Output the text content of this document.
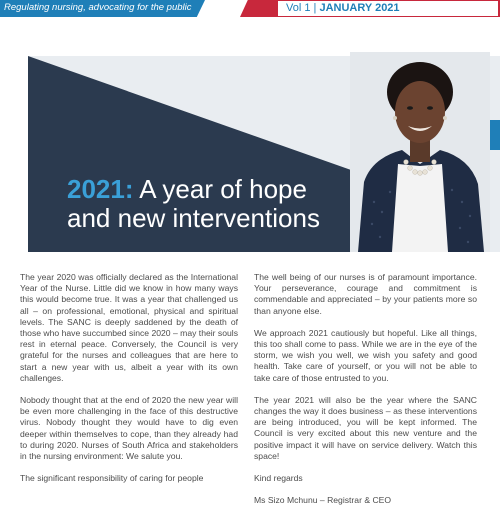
Regulating nursing, advocating for the public	Vol 1 | JANUARY 2021
2021: A year of hope
and new interventions

The year 2020 was officially declared as the International Year of the Nurse. Little did we know in how many ways this would become true. It was a year that challenged us all – on professional, emotional, physical and spiritual levels. The SANC is deeply saddened by the death of those who have succumbed since 2020 – may their souls rest in eternal peace. Conversely, the Council is very grateful for the nurses and colleagues that are here to start a new year with us, albeit a year with its own challenges.

Nobody thought that at the end of 2020 the new year will be even more challenging in the face of this destructive virus. Nobody thought they would have to dig even deeper within themselves to cope, than they already had to during 2020. Nurses of South Africa and stakeholders in the nursing environment: We salute you.

The significant responsibility of caring for people

The well being of our nurses is of paramount importance. Your perseverance, courage and commitment is commendable and appreciated – by your patients more so than anyone else.

We approach 2021 cautiously but hopeful. Like all things, this too shall come to pass. While we are in the eye of the storm, we wish you well, we wish you safety and good health. Take care of yourself, or you will not be able to take care of those entrusted to you.

The year 2021 will also be the year where the SANC changes the way it does business – as these interventions are being introduced, you will be kept informed. The Council is very excited about this new venture and the positive impact it will have on service delivery. Watch this space!

Kind regards

Ms Sizo Mchunu – Registrar & CEO
